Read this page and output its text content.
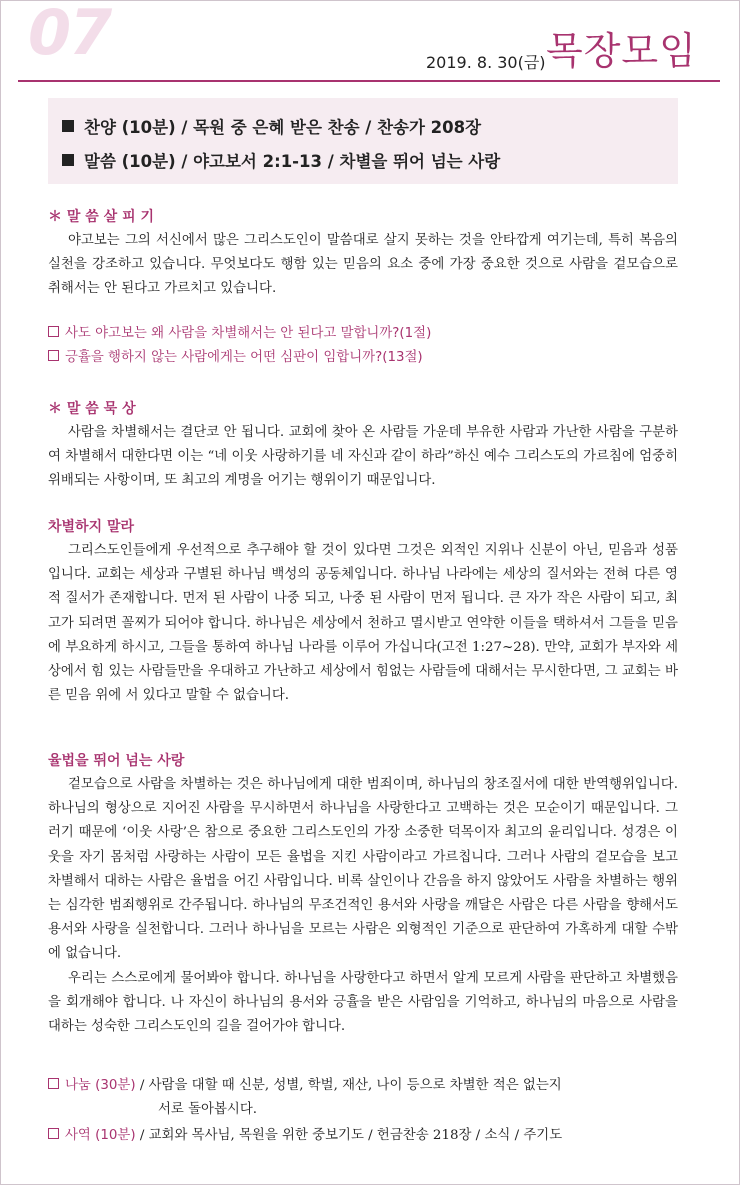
07	2019. 8. 30(금) 목장모임
찬양 (10분) / 목원 중 은혜 받은 찬송 / 찬송가 208장
말씀 (10분) / 야고보서 2:1-13 / 차별을 뛰어 넘는 사랑
＊ 말 씀 살 피 기

야고보는 그의 서신에서 많은 그리스도인이 말씀대로 살지 못하는 것을 안타깝게 여기는데, 특히 복음의 실천을 강조하고 있습니다. 무엇보다도 행함 있는 믿음의 요소 중에 가장 중요한 것으로 사람을 겉모습으로 취해서는 안 된다고 가르치고 있습니다.

사도 야고보는 왜 사람을 차별해서는 안 된다고 말합니까?(1절)
긍휼을 행하지 않는 사람에게는 어떤 심판이 임합니까?(13절)
＊ 말 씀 묵 상

사람을 차별해서는 결단코 안 됩니다. 교회에 찾아 온 사람들 가운데 부유한 사람과 가난한 사람을 구분하여 차별해서 대한다면 이는 “네 이웃 사랑하기를 네 자신과 같이 하라”하신 예수 그리스도의 가르침에 엄중히 위배되는 사항이며, 또 최고의 계명을 어기는 행위이기 때문입니다.

차별하지 말라

그리스도인들에게 우선적으로 추구해야 할 것이 있다면 그것은 외적인 지위나 신분이 아닌, 믿음과 성품입니다. 교회는 세상과 구별된 하나님 백성의 공동체입니다. 하나님 나라에는 세상의 질서와는 전혀 다른 영적 질서가 존재합니다. 먼저 된 사람이 나중 되고, 나중 된 사람이 먼저 됩니다. 큰 자가 작은 사람이 되고, 최고가 되려면 꼴찌가 되어야 합니다. 하나님은 세상에서 천하고 멸시받고 연약한 이들을 택하셔서 그들을 믿음에 부요하게 하시고, 그들을 통하여 하나님 나라를 이루어 가십니다(고전 1:27~28). 만약, 교회가 부자와 세상에서 힘 있는 사람들만을 우대하고 가난하고 세상에서 힘없는 사람들에 대해서는 무시한다면, 그 교회는 바른 믿음 위에 서 있다고 말할 수 없습니다.

율법을 뛰어 넘는 사랑

겉모습으로 사람을 차별하는 것은 하나님에게 대한 범죄이며, 하나님의 창조질서에 대한 반역행위입니다. 하나님의 형상으로 지어진 사람을 무시하면서 하나님을 사랑한다고 고백하는 것은 모순이기 때문입니다. 그러기 때문에 ‘이웃 사랑’은 참으로 중요한 그리스도인의 가장 소중한 덕목이자 최고의 윤리입니다. 성경은 이웃을 자기 몸처럼 사랑하는 사람이 모든 율법을 지킨 사람이라고 가르칩니다. 그러나 사람의 겉모습을 보고 차별해서 대하는 사람은 율법을 어긴 사람입니다. 비록 살인이나 간음을 하지 않았어도 사람을 차별하는 행위는 심각한 범죄행위로 간주됩니다. 하나님의 무조건적인 용서와 사랑을 깨달은 사람은 다른 사람을 향해서도 용서와 사랑을 실천합니다. 그러나 하나님을 모르는 사람은 외형적인 기준으로 판단하여 가혹하게 대할 수밖에 없습니다.

우리는 스스로에게 물어봐야 합니다. 하나님을 사랑한다고 하면서 알게 모르게 사람을 판단하고 차별했음을 회개해야 합니다. 나 자신이 하나님의 용서와 긍휼을 받은 사람임을 기억하고, 하나님의 마음으로 사람을 대하는 성숙한 그리스도인의 길을 걸어가야 합니다.

나눔 (30분) / 사람을 대할 때 신분, 성별, 학벌, 재산, 나이 등으로 차별한 적은 없는지
서로 돌아봅시다.
사역 (10분) / 교회와 목사님, 목원을 위한 중보기도 / 헌금찬송 218장 / 소식 / 주기도
